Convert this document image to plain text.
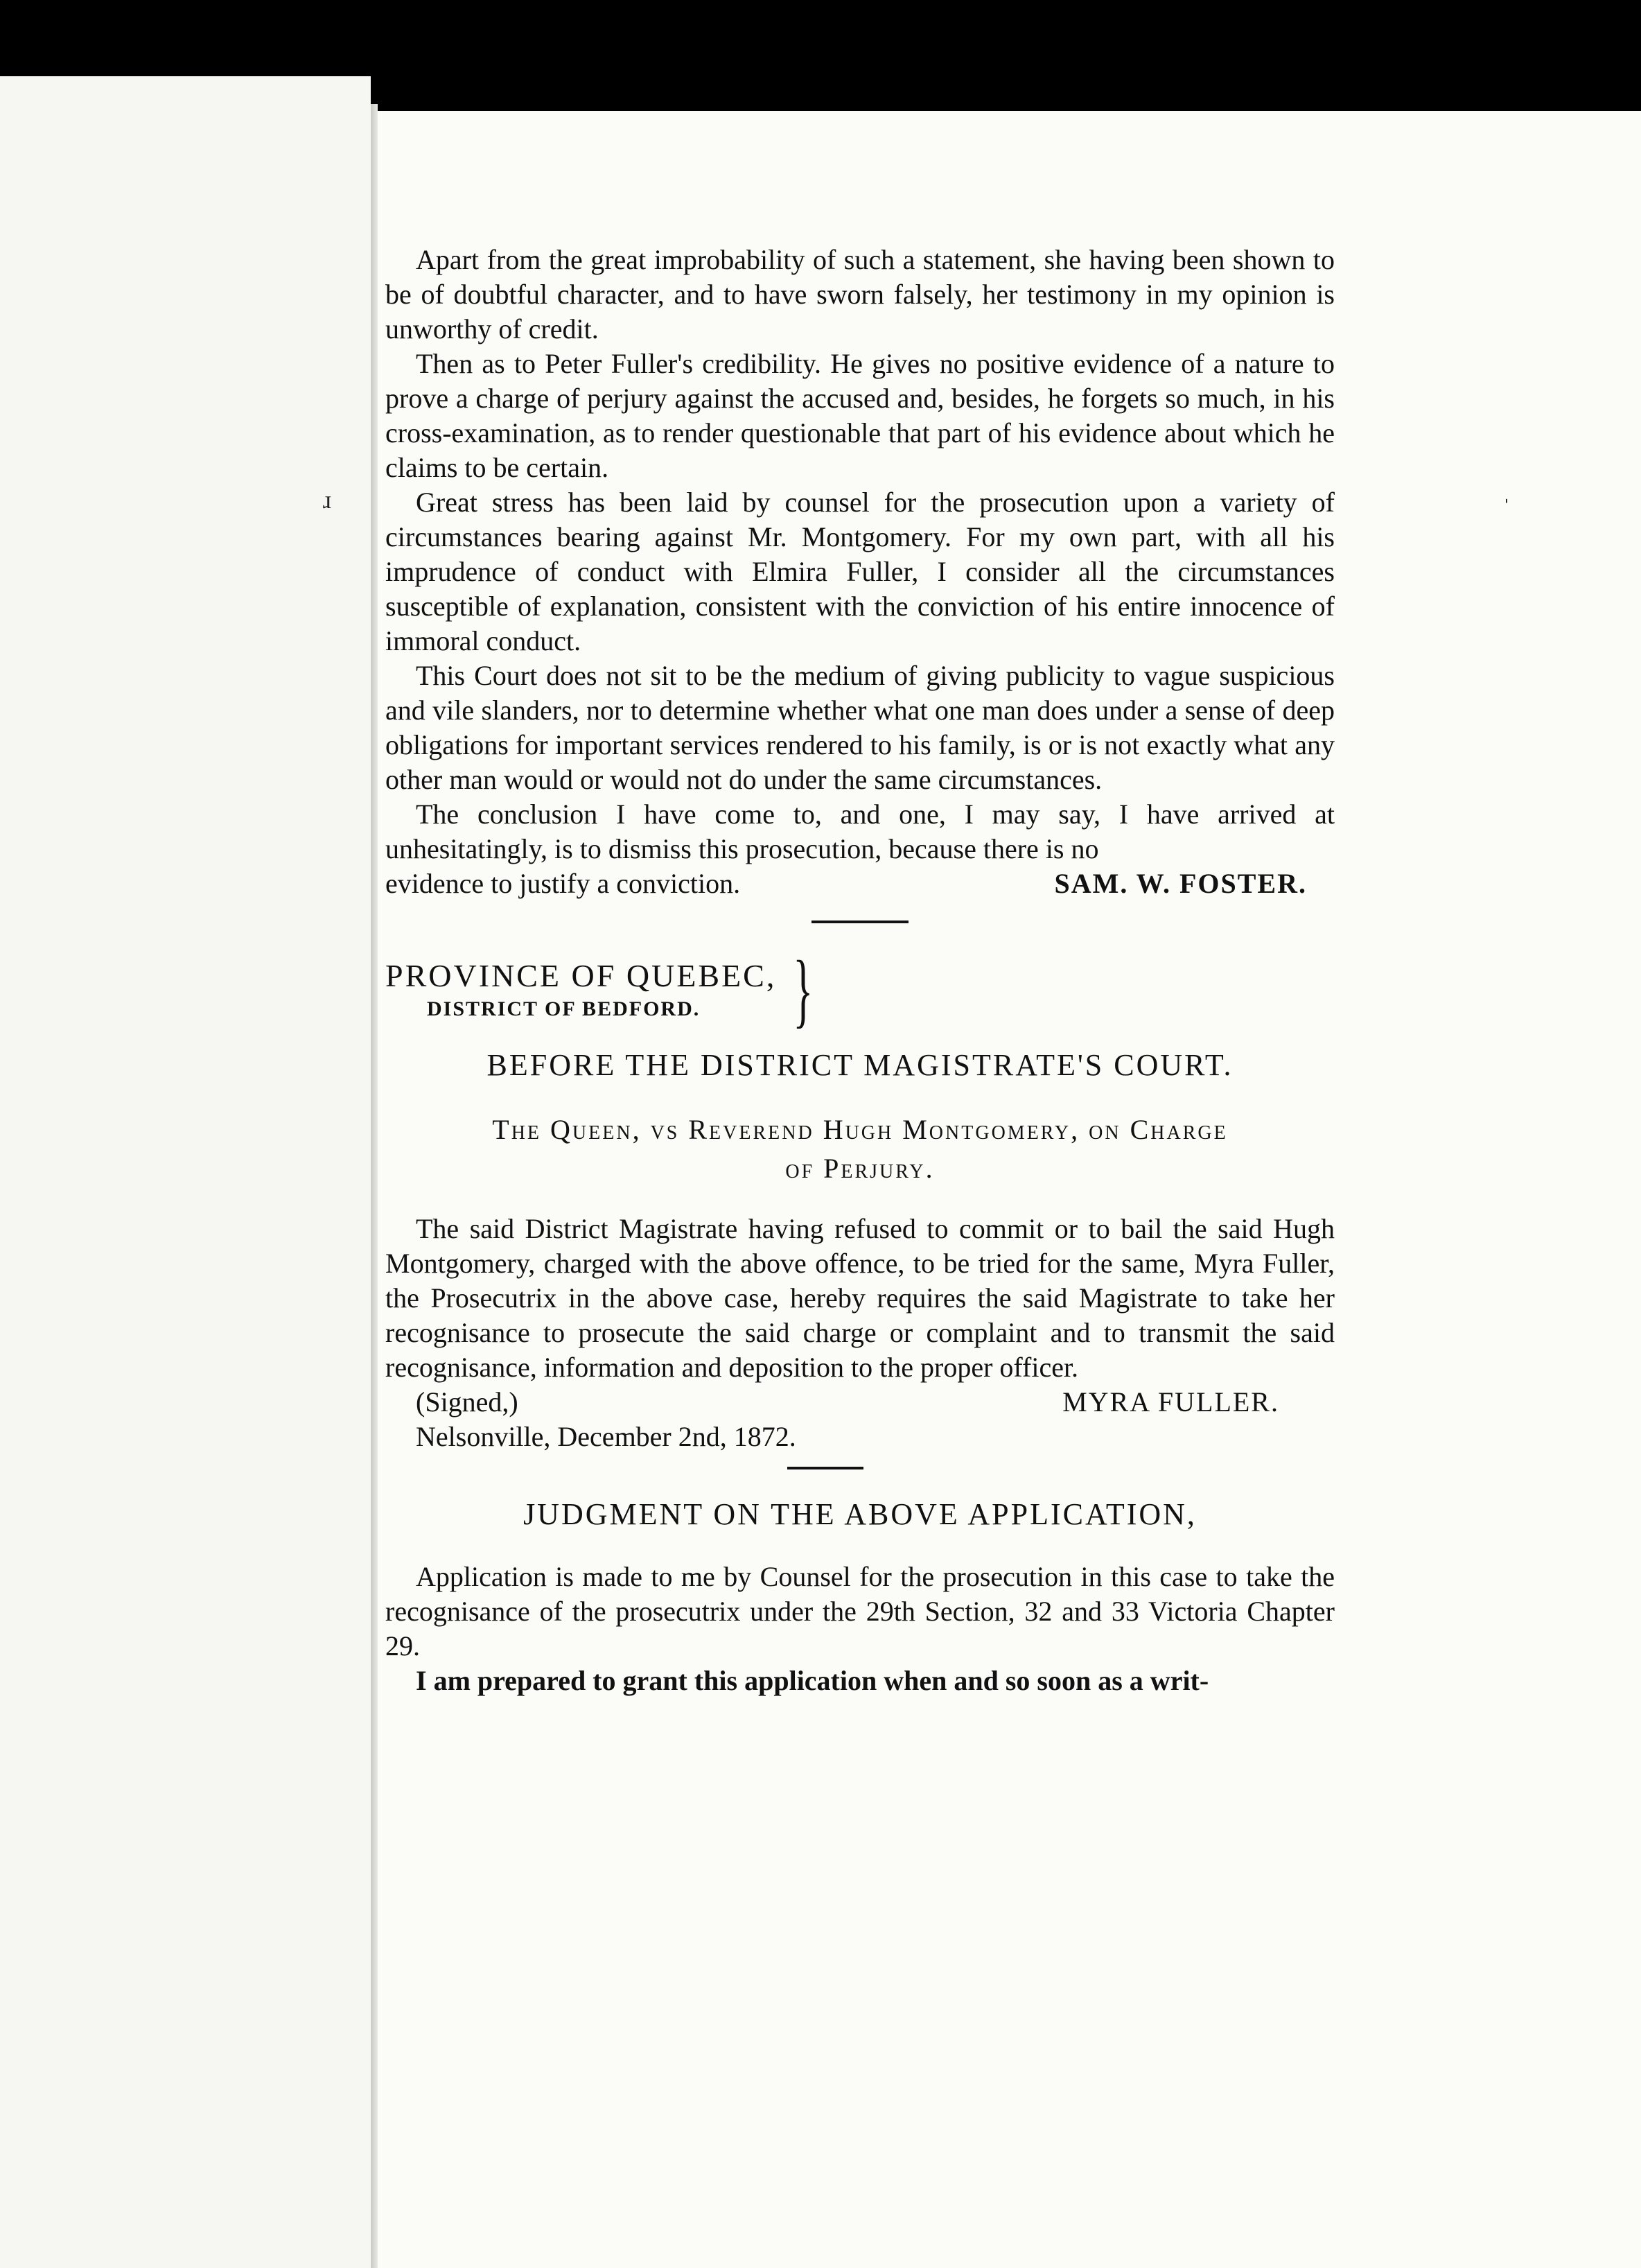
ɹ	ˈ

Apart from the great improbability of such a statement, she having been shown to be of doubtful character, and to have sworn falsely, her testimony in my opinion is unworthy of credit.

Then as to Peter Fuller's credibility. He gives no positive evidence of a nature to prove a charge of perjury against the accused and, besides, he forgets so much, in his cross-examination, as to render questionable that part of his evidence about which he claims to be certain.

Great stress has been laid by counsel for the prosecution upon a variety of circumstances bearing against Mr. Montgomery. For my own part, with all his imprudence of conduct with Elmira Fuller, I consider all the circumstances susceptible of explanation, consistent with the conviction of his entire innocence of immoral conduct.

This Court does not sit to be the medium of giving publicity to vague suspicious and vile slanders, nor to determine whether what one man does under a sense of deep obligations for important services rendered to his family, is or is not exactly what any other man would or would not do under the same circumstances.

The conclusion I have come to, and one, I may say, I have arrived at unhesitatingly, is to dismiss this prosecution, because there is no

evidence to justify a conviction.	SAM. W. FOSTER.
PROVINCE OF QUEBEC,
DISTRICT OF BEDFORD.	}
BEFORE THE DISTRICT MAGISTRATE'S COURT.
The Queen, vs Reverend Hugh Montgomery, on Charge
of Perjury.

The said District Magistrate having refused to commit or to bail the said Hugh Montgomery, charged with the above offence, to be tried for the same, Myra Fuller, the Prosecutrix in the above case, hereby requires the said Magistrate to take her recognisance to prosecute the said charge or complaint and to transmit the said recognisance, information and deposition to the proper officer.

(Signed,)	MYRA FULLER.
Nelsonville, December 2nd, 1872.
JUDGMENT ON THE ABOVE APPLICATION,

Application is made to me by Counsel for the prosecution in this case to take the recognisance of the prosecutrix under the 29th Section, 32 and 33 Victoria Chapter 29.

I am prepared to grant this application when and so soon as a writ-
